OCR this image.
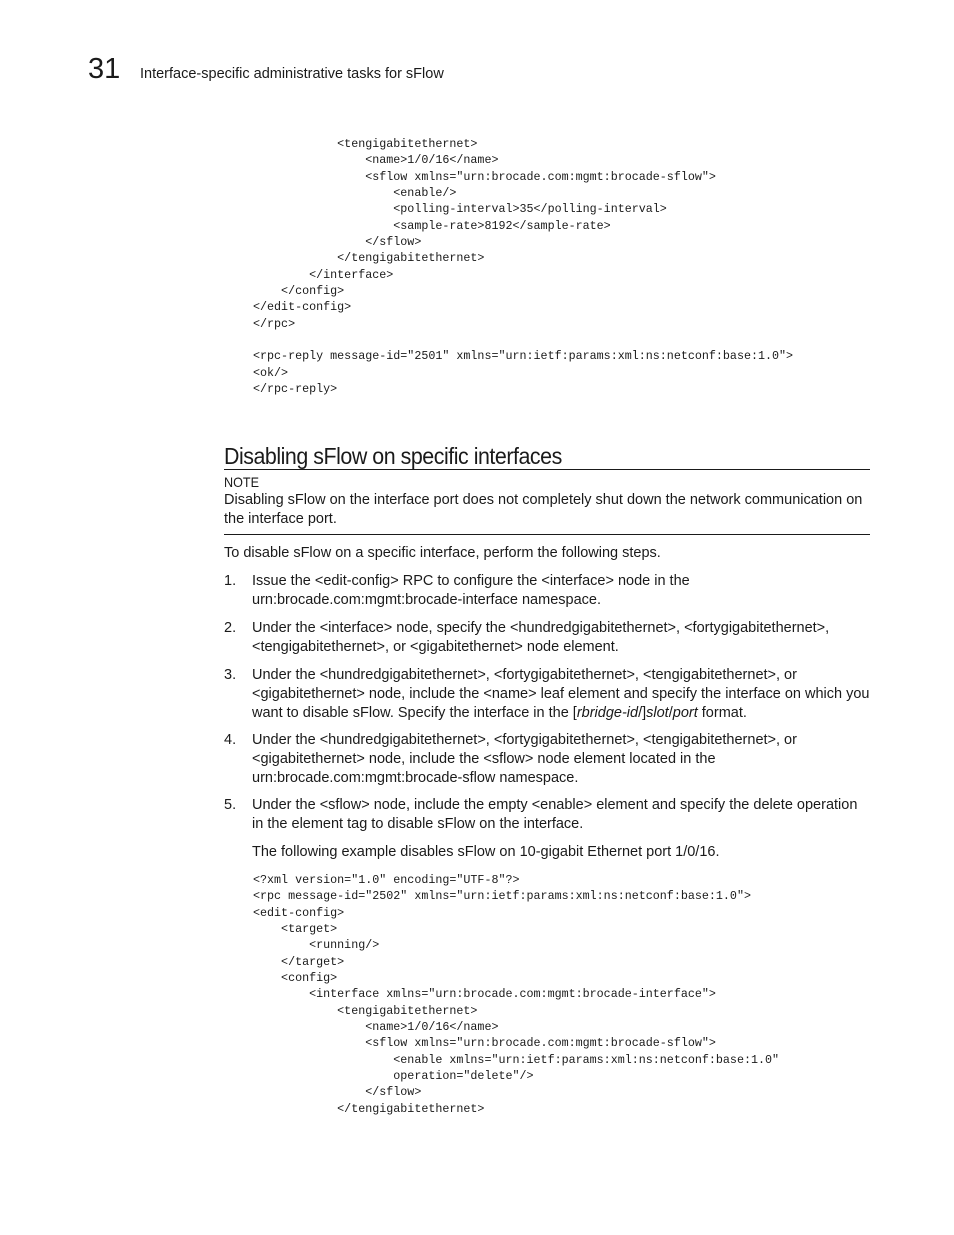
31 Interface-specific administrative tasks for sFlow
<tengigabitethernet>
<name>1/0/16</name>
<sflow xmlns="urn:brocade.com:mgmt:brocade-sflow">
<enable/>
<polling-interval>35</polling-interval>
<sample-rate>8192</sample-rate>
</sflow>
</tengigabitethernet>
</interface>
</config>
</edit-config>
</rpc>

<rpc-reply message-id="2501" xmlns="urn:ietf:params:xml:ns:netconf:base:1.0">
<ok/>
</rpc-reply>
Disabling sFlow on specific interfaces
NOTE
Disabling sFlow on the interface port does not completely shut down the network communication on the interface port.
To disable sFlow on a specific interface, perform the following steps.
1. Issue the <edit-config> RPC to configure the <interface> node in the urn:brocade.com:mgmt:brocade-interface namespace.
2. Under the <interface> node, specify the <hundredgigabitethernet>, <fortygigabitethernet>, <tengigabitethernet>, or <gigabitethernet> node element.
3. Under the <hundredgigabitethernet>, <fortygigabitethernet>, <tengigabitethernet>, or <gigabitethernet> node, include the <name> leaf element and specify the interface on which you want to disable sFlow. Specify the interface in the [rbridge-id/]slot/port format.
4. Under the <hundredgigabitethernet>, <fortygigabitethernet>, <tengigabitethernet>, or <gigabitethernet> node, include the <sflow> node element located in the urn:brocade.com:mgmt:brocade-sflow namespace.
5. Under the <sflow> node, include the empty <enable> element and specify the delete operation in the element tag to disable sFlow on the interface.
The following example disables sFlow on 10-gigabit Ethernet port 1/0/16.
<?xml version="1.0" encoding="UTF-8"?>
<rpc message-id="2502" xmlns="urn:ietf:params:xml:ns:netconf:base:1.0">
<edit-config>
<target>
<running/>
</target>
<config>
<interface xmlns="urn:brocade.com:mgmt:brocade-interface">
<tengigabitethernet>
<name>1/0/16</name>
<sflow xmlns="urn:brocade.com:mgmt:brocade-sflow">
<enable xmlns="urn:ietf:params:xml:ns:netconf:base:1.0"
operation="delete"/>
</sflow>
</tengigabitethernet>
